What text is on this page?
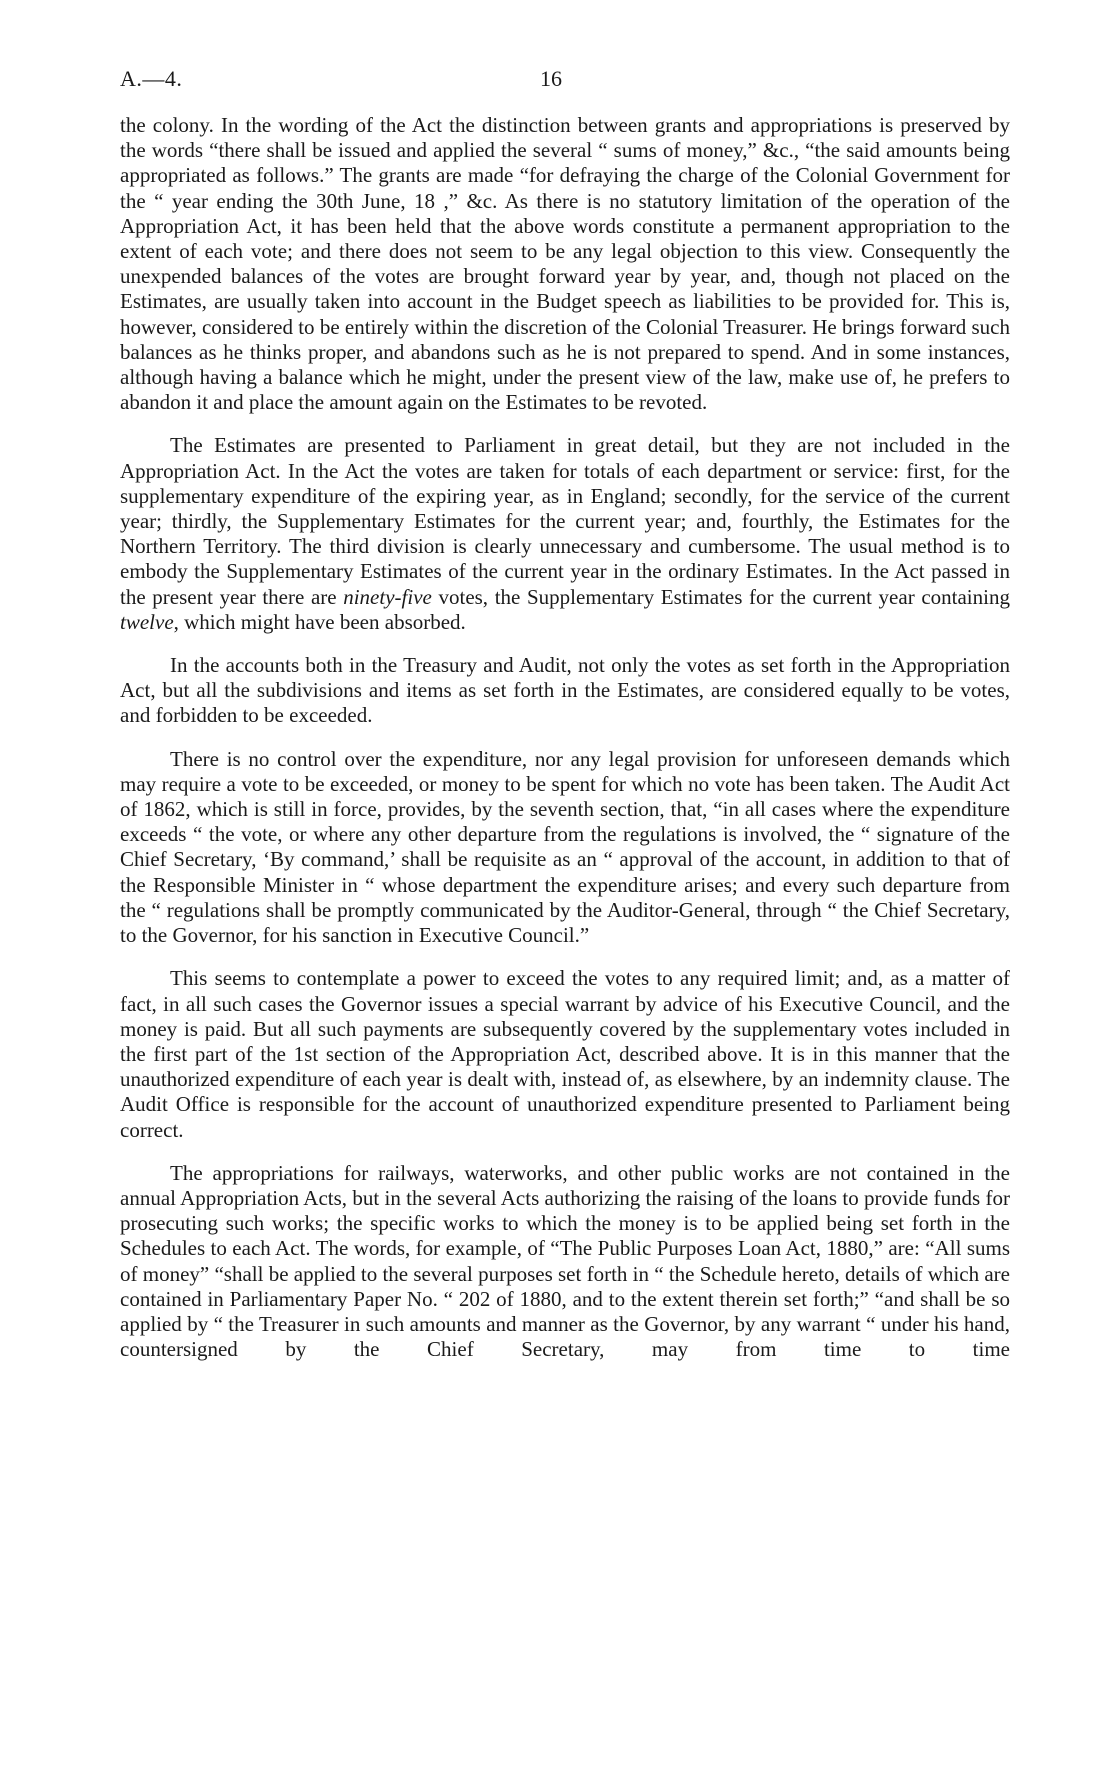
A.—4.	16

the colony. In the wording of the Act the distinction between grants and appropriations is preserved by the words “there shall be issued and applied the several “ sums of money,” &c., “the said amounts being appropriated as follows.” The grants are made “for defraying the charge of the Colonial Government for the “ year ending the 30th June, 18 ,” &c. As there is no statutory limitation of the operation of the Appropriation Act, it has been held that the above words constitute a permanent appropriation to the extent of each vote; and there does not seem to be any legal objection to this view. Consequently the unexpended balances of the votes are brought forward year by year, and, though not placed on the Estimates, are usually taken into account in the Budget speech as liabilities to be provided for. This is, however, considered to be entirely within the discretion of the Colonial Treasurer. He brings forward such balances as he thinks proper, and abandons such as he is not prepared to spend. And in some instances, although having a balance which he might, under the present view of the law, make use of, he prefers to abandon it and place the amount again on the Estimates to be revoted.

The Estimates are presented to Parliament in great detail, but they are not included in the Appropriation Act. In the Act the votes are taken for totals of each department or service: first, for the supplementary expenditure of the expiring year, as in England; secondly, for the service of the current year; thirdly, the Supplementary Estimates for the current year; and, fourthly, the Estimates for the Northern Territory. The third division is clearly unnecessary and cumbersome. The usual method is to embody the Supplementary Estimates of the current year in the ordinary Estimates. In the Act passed in the present year there are ninety-five votes, the Supplementary Estimates for the current year containing twelve, which might have been absorbed.

In the accounts both in the Treasury and Audit, not only the votes as set forth in the Appropriation Act, but all the subdivisions and items as set forth in the Estimates, are considered equally to be votes, and forbidden to be exceeded.

There is no control over the expenditure, nor any legal provision for unforeseen demands which may require a vote to be exceeded, or money to be spent for which no vote has been taken. The Audit Act of 1862, which is still in force, provides, by the seventh section, that, “in all cases where the expenditure exceeds “ the vote, or where any other departure from the regulations is involved, the “ signature of the Chief Secretary, ‘By command,’ shall be requisite as an “ approval of the account, in addition to that of the Responsible Minister in “ whose department the expenditure arises; and every such departure from the “ regulations shall be promptly communicated by the Auditor-General, through “ the Chief Secretary, to the Governor, for his sanction in Executive Council.”

This seems to contemplate a power to exceed the votes to any required limit; and, as a matter of fact, in all such cases the Governor issues a special warrant by advice of his Executive Council, and the money is paid. But all such payments are subsequently covered by the supplementary votes included in the first part of the 1st section of the Appropriation Act, described above. It is in this manner that the unauthorized expenditure of each year is dealt with, instead of, as elsewhere, by an indemnity clause. The Audit Office is responsible for the account of unauthorized expenditure presented to Parliament being correct.

The appropriations for railways, waterworks, and other public works are not contained in the annual Appropriation Acts, but in the several Acts authorizing the raising of the loans to provide funds for prosecuting such works; the specific works to which the money is to be applied being set forth in the Schedules to each Act. The words, for example, of “The Public Purposes Loan Act, 1880,” are: “All sums of money” “shall be applied to the several purposes set forth in “ the Schedule hereto, details of which are contained in Parliamentary Paper No. “ 202 of 1880, and to the extent therein set forth;” “and shall be so applied by “ the Treasurer in such amounts and manner as the Governor, by any warrant “ under his hand, countersigned by the Chief Secretary, may from time to time
